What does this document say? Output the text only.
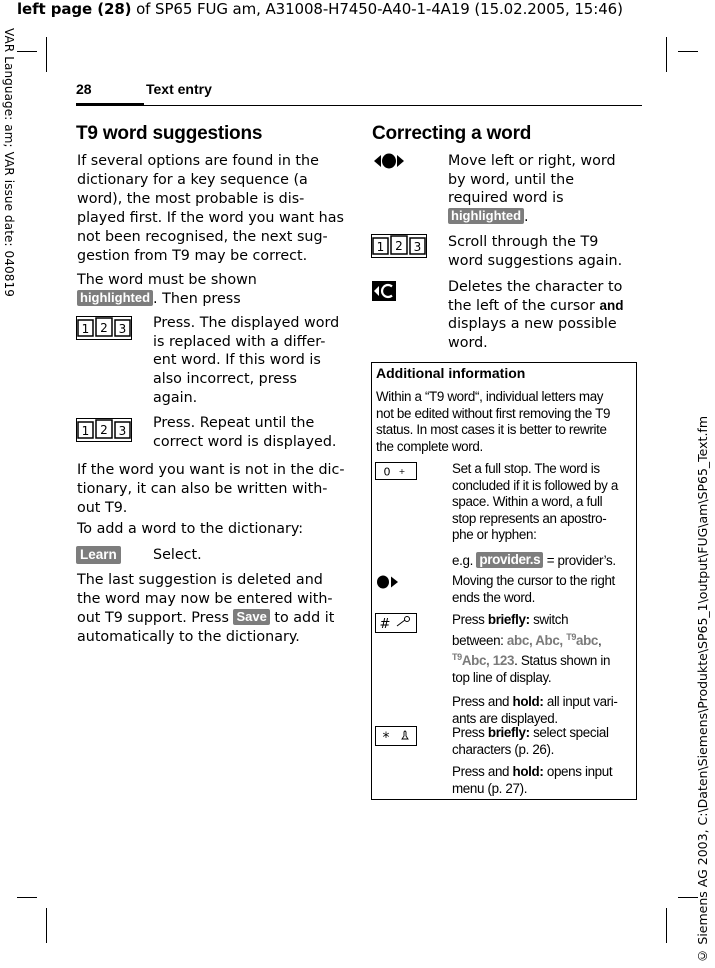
left page (28) of SP65 FUG am, A31008-H7450-A40-1-4A19 (15.02.2005, 15:46)
VAR Language: am; VAR issue date: 040819
© Siemens AG 2003, C:\Daten\Siemens\Produkte\SP65_1\output\FUG\am\SP65_Text.fm
28	Text entry
T9 word suggestions
If several options are found in the
dictionary for a key sequence (a
word), the most probable is dis-
played first. If the word you want has
not been recognised, the next sug-
gestion from T9 may be correct.
The word must be shown
highlighted . Then press
1 2 3 Press. The displayed word
is replaced with a differ-
ent word. If this word is
also incorrect, press
again.
1 2 3 Press. Repeat until the
correct word is displayed.
If the word you want is not in the dic-
tionary, it can also be written with-
out T9.
To add a word to the dictionary:
Learn	Select.
The last suggestion is deleted and
the word may now be entered with-
out T9 support. Press Save to add it
automatically to the dictionary.
Correcting a word
Move left or right, word
by word, until the
required word is
highlighted .
1 2 3 Scroll through the T9
word suggestions again.
Deletes the character to
the left of the cursor and
displays a new possible
word.
Additional information
Within a “T9 word“, individual letters may
not be edited without first removing the T9
status. In most cases it is better to rewrite
the complete word.
0 +	Set a full stop. The word is
concluded if it is followed by a
space. Within a word, a full
stop represents an apostro-
phe or hyphen:
e.g. provider.s = provider’s.
Moving the cursor to the right
ends the word.
#	Press briefly: switch
between: abc, Abc, $^{T9}$abc,
$^{T9}$Abc, 123. Status shown in
top line of display.
Press and hold: all input vari-
ants are displayed.
*	Press briefly: select special
characters (p. 26).
Press and hold: opens input
menu (p. 27).
